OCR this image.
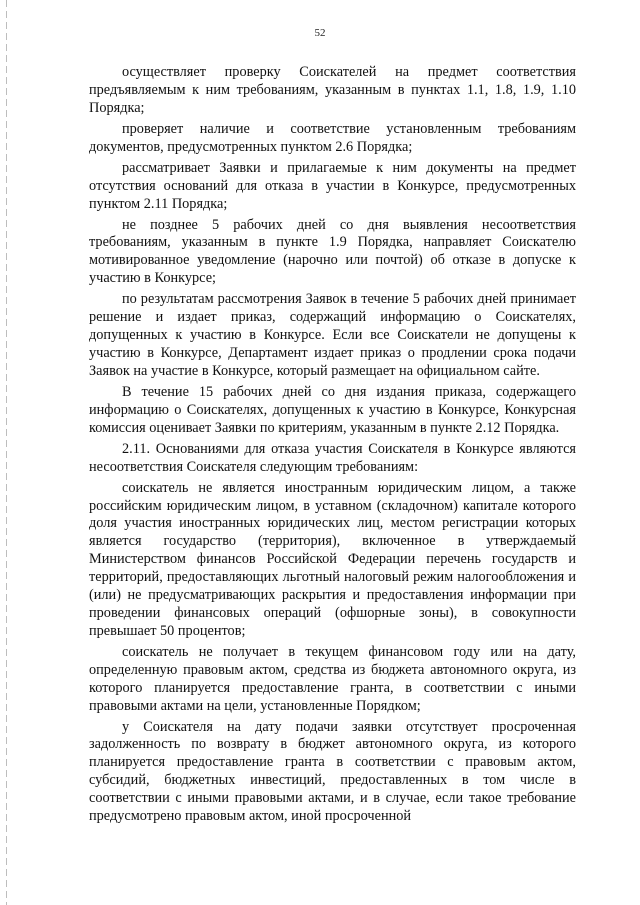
52

осуществляет проверку Соискателей на предмет соответствия предъявляемым к ним требованиям, указанным в пунктах 1.1, 1.8, 1.9, 1.10 Порядка;

проверяет наличие и соответствие установленным требованиям документов, предусмотренных пунктом 2.6 Порядка;

рассматривает Заявки и прилагаемые к ним документы на предмет отсутствия оснований для отказа в участии в Конкурсе, предусмотренных пунктом 2.11 Порядка;

не позднее 5 рабочих дней со дня выявления несоответствия требованиям, указанным в пункте 1.9 Порядка, направляет Соискателю мотивированное уведомление (нарочно или почтой) об отказе в допуске к участию в Конкурсе;

по результатам рассмотрения Заявок в течение 5 рабочих дней принимает решение и издает приказ, содержащий информацию о Соискателях, допущенных к участию в Конкурсе. Если все Соискатели не допущены к участию в Конкурсе, Департамент издает приказ о продлении срока подачи Заявок на участие в Конкурсе, который размещает на официальном сайте.

В течение 15 рабочих дней со дня издания приказа, содержащего информацию о Соискателях, допущенных к участию в Конкурсе, Конкурсная комиссия оценивает Заявки по критериям, указанным в пункте 2.12 Порядка.

2.11. Основаниями для отказа участия Соискателя в Конкурсе являются несоответствия Соискателя следующим требованиям:

соискатель не является иностранным юридическим лицом, а также российским юридическим лицом, в уставном (складочном) капитале которого доля участия иностранных юридических лиц, местом регистрации которых является государство (территория), включенное в утверждаемый Министерством финансов Российской Федерации перечень государств и территорий, предоставляющих льготный налоговый режим налогообложения и (или) не предусматривающих раскрытия и предоставления информации при проведении финансовых операций (офшорные зоны), в совокупности превышает 50 процентов;

соискатель не получает в текущем финансовом году или на дату, определенную правовым актом, средства из бюджета автономного округа, из которого планируется предоставление гранта, в соответствии с иными правовыми актами на цели, установленные Порядком;

у Соискателя на дату подачи заявки отсутствует просроченная задолженность по возврату в бюджет автономного округа, из которого планируется предоставление гранта в соответствии с правовым актом, субсидий, бюджетных инвестиций, предоставленных в том числе в соответствии с иными правовыми актами, и в случае, если такое требование предусмотрено правовым актом, иной просроченной
